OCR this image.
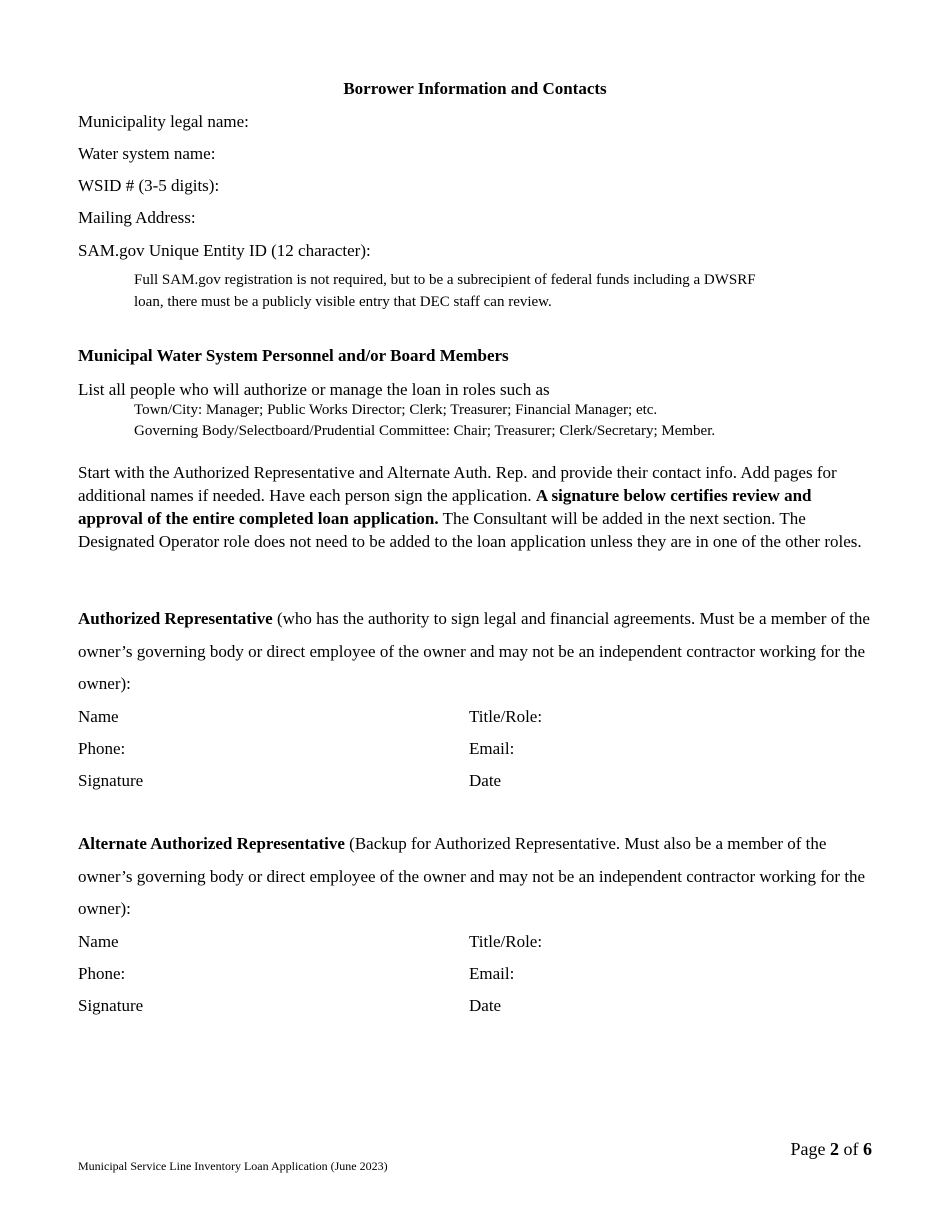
Borrower Information and Contacts
Municipality legal name:
Water system name:
WSID # (3-5 digits):
Mailing Address:
SAM.gov Unique Entity ID (12 character):
Full SAM.gov registration is not required, but to be a subrecipient of federal funds including a DWSRF
loan, there must be a publicly visible entry that DEC staff can review.
Municipal Water System Personnel and/or Board Members
List all people who will authorize or manage the loan in roles such as
Town/City: Manager; Public Works Director; Clerk; Treasurer; Financial Manager; etc.
Governing Body/Selectboard/Prudential Committee: Chair; Treasurer; Clerk/Secretary; Member.
Start with the Authorized Representative and Alternate Auth. Rep. and provide their contact info. Add pages for additional names if needed. Have each person sign the application. A signature below certifies review and approval of the entire completed loan application. The Consultant will be added in the next section. The Designated Operator role does not need to be added to the loan application unless they are in one of the other roles.
Authorized Representative (who has the authority to sign legal and financial agreements. Must be a member of the owner’s governing body or direct employee of the owner and may not be an independent contractor working for the owner):
Name	Title/Role:
Phone:	Email:
Signature	Date
Alternate Authorized Representative (Backup for Authorized Representative. Must also be a member of the owner’s governing body or direct employee of the owner and may not be an independent contractor working for the owner):
Name	Title/Role:
Phone:	Email:
Signature	Date
Page 2 of 6
Municipal Service Line Inventory Loan Application (June 2023)
